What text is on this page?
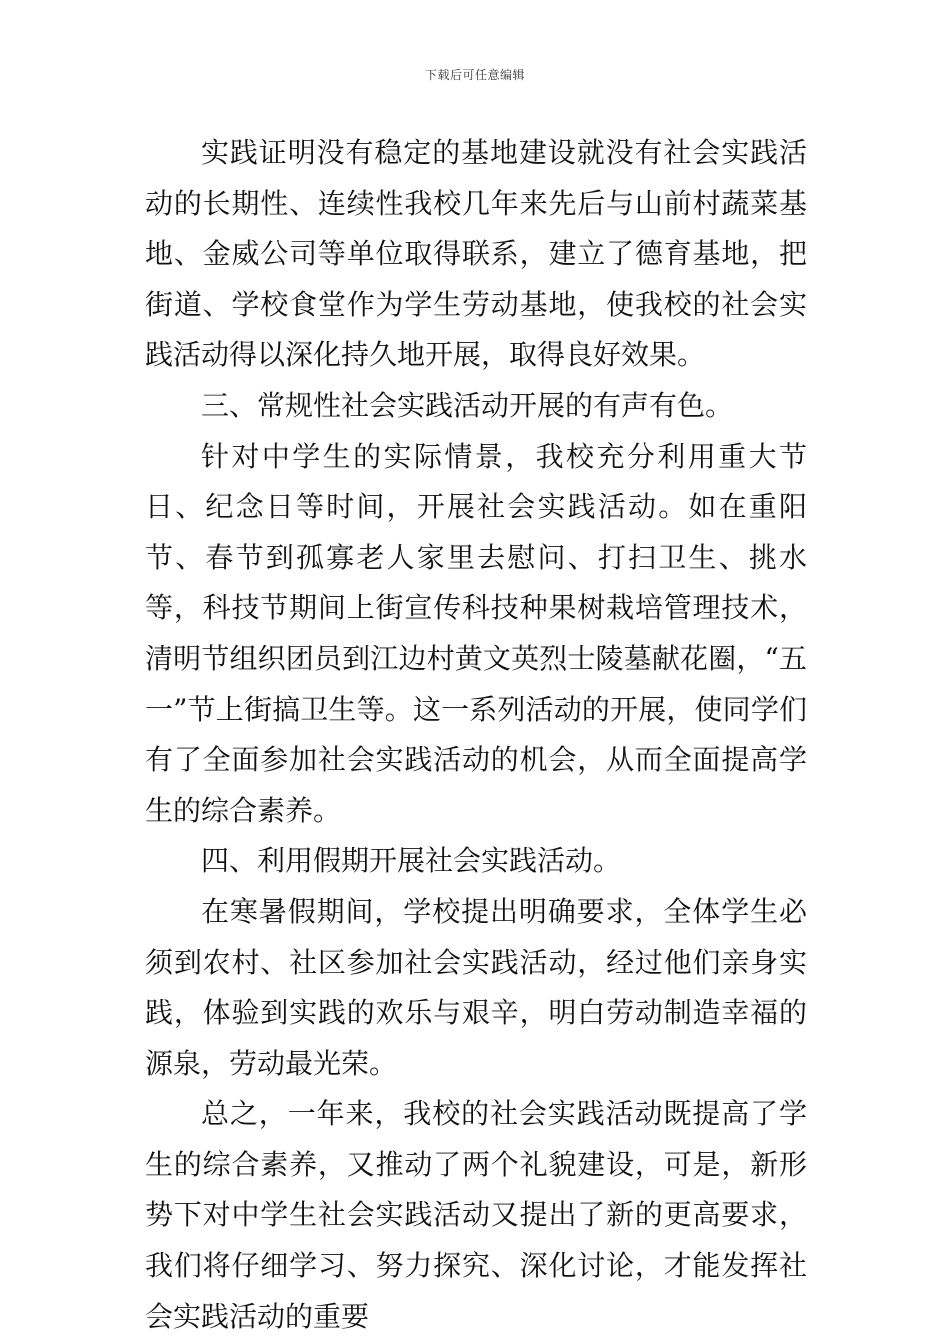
下载后可任意编辑

实践证明没有稳定的基地建设就没有社会实践活动的长期性、连续性我校几年来先后与山前村蔬菜基地、金威公司等单位取得联系，建立了德育基地，把街道、学校食堂作为学生劳动基地，使我校的社会实践活动得以深化持久地开展，取得良好效果。

三、常规性社会实践活动开展的有声有色。

针对中学生的实际情景，我校充分利用重大节日、纪念日等时间，开展社会实践活动。如在重阳节、春节到孤寡老人家里去慰问、打扫卫生、挑水等，科技节期间上街宣传科技种果树栽培管理技术，清明节组织团员到江边村黄文英烈士陵墓献花圈，“五一”节上街搞卫生等。这一系列活动的开展，使同学们有了全面参加社会实践活动的机会，从而全面提高学生的综合素养。

四、利用假期开展社会实践活动。

在寒暑假期间，学校提出明确要求，全体学生必须到农村、社区参加社会实践活动，经过他们亲身实践，体验到实践的欢乐与艰辛，明白劳动制造幸福的源泉，劳动最光荣。

总之，一年来，我校的社会实践活动既提高了学生的综合素养，又推动了两个礼貌建设，可是，新形势下对中学生社会实践活动又提出了新的更高要求，我们将仔细学习、努力探究、深化讨论，才能发挥社会实践活动的重要
